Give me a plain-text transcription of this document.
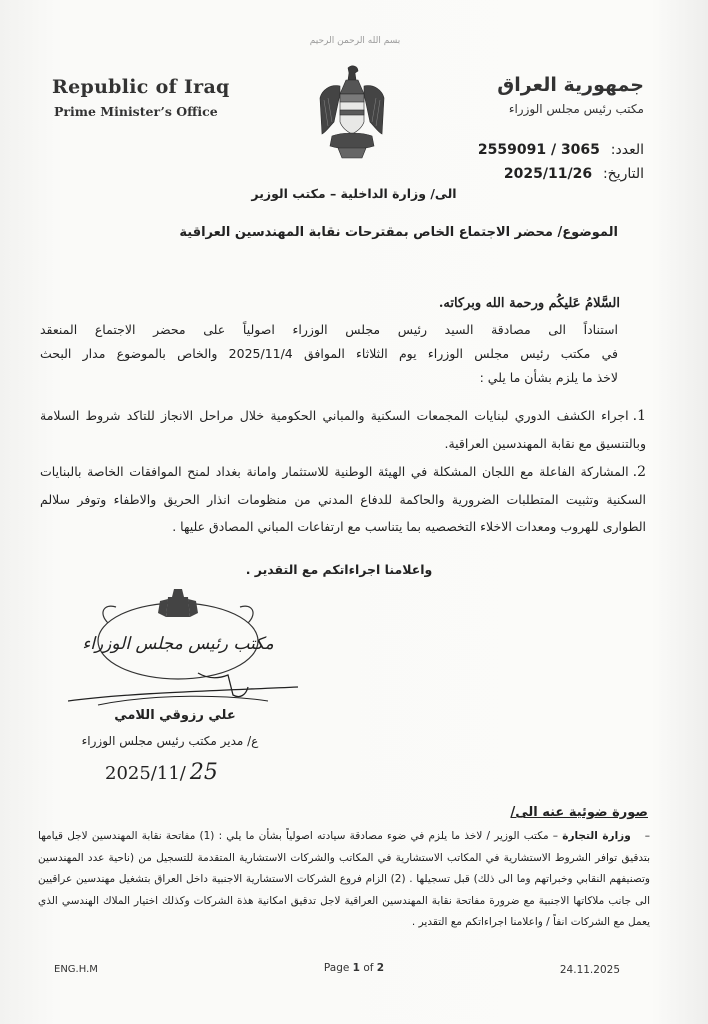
بسم الله الرحمن الرحيم
Republic of Iraq
Prime Minister’s Office
جمهورية العراق
مكتب رئيس مجلس الوزراء
العدد: 2559091 / 3065
التاريخ: 2025/11/26
الى/ وزارة الداخلية – مكتب الوزير
الموضوع/ محضر الاجتماع الخاص بمقترحات نقابة المهندسين العراقية
السَّلامُ عَليكُم ورحمة الله وبركاته.
استناداً الى مصادقة السيد رئيس مجلس الوزراء اصولياً على محضر الاجتماع المنعقد
في مكتب رئيس مجلس الوزراء يوم الثلاثاء الموافق 2025/11/4 والخاص بالموضوع مدار البحث
لاخذ ما يلزم بشأن ما يلي :
1.اجراء الكشف الدوري لبنايات المجمعات السكنية والمباني الحكومية خلال مراحل الانجاز للتاكد شروط السلامة وبالتنسيق مع نقابة المهندسين العراقية.
2.المشاركة الفاعلة مع اللجان المشكلة في الهيئة الوطنية للاستثمار وامانة بغداد لمنح الموافقات الخاصة بالبنايات السكنية وتثبيت المتطلبات الضرورية والحاكمة للدفاع المدني من منظومات انذار الحريق والاطفاء وتوفر سلالم الطوارى للهروب ومعدات الاخلاء التخصصيه بما يتناسب مع ارتفاعات المباني المصادق عليها .
واعلامنا اجراءاتكم مع التقدير .
مكتب رئيس مجلس الوزراء
علي رزوقي اللامي
ع/ مدير مكتب رئيس مجلس الوزراء
2025/11/ 25
صورة ضوئية عنه الى/
–وزارة التجارة – مكتب الوزير / لاخذ ما يلزم في ضوء مصادقة سيادته اصولياً بشأن ما يلي : (1) مفاتحة نقابة المهندسين لاجل قيامها بتدقيق توافر الشروط الاستشارية في المكاتب الاستشارية في المكاتب والشركات الاستشارية المتقدمة للتسجيل من (ناحية عدد المهندسين وتصنيفهم النقابي وخبراتهم وما الى ذلك) قبل تسجيلها . (2) الزام فروع الشركات الاستشارية الاجنبية داخل العراق بتشغيل مهندسين عراقيين الى جانب ملاكاتها الاجنبية مع ضرورة مفاتحة نقابة المهندسين العراقية لاجل تدقيق امكانية هذة الشركات وكذلك اختيار الملاك الهندسي الذي يعمل مع الشركات انفاً / واعلامنا اجراءاتكم مع التقدير .
ENG.H.M	Page 1 of 2	24.11.2025
